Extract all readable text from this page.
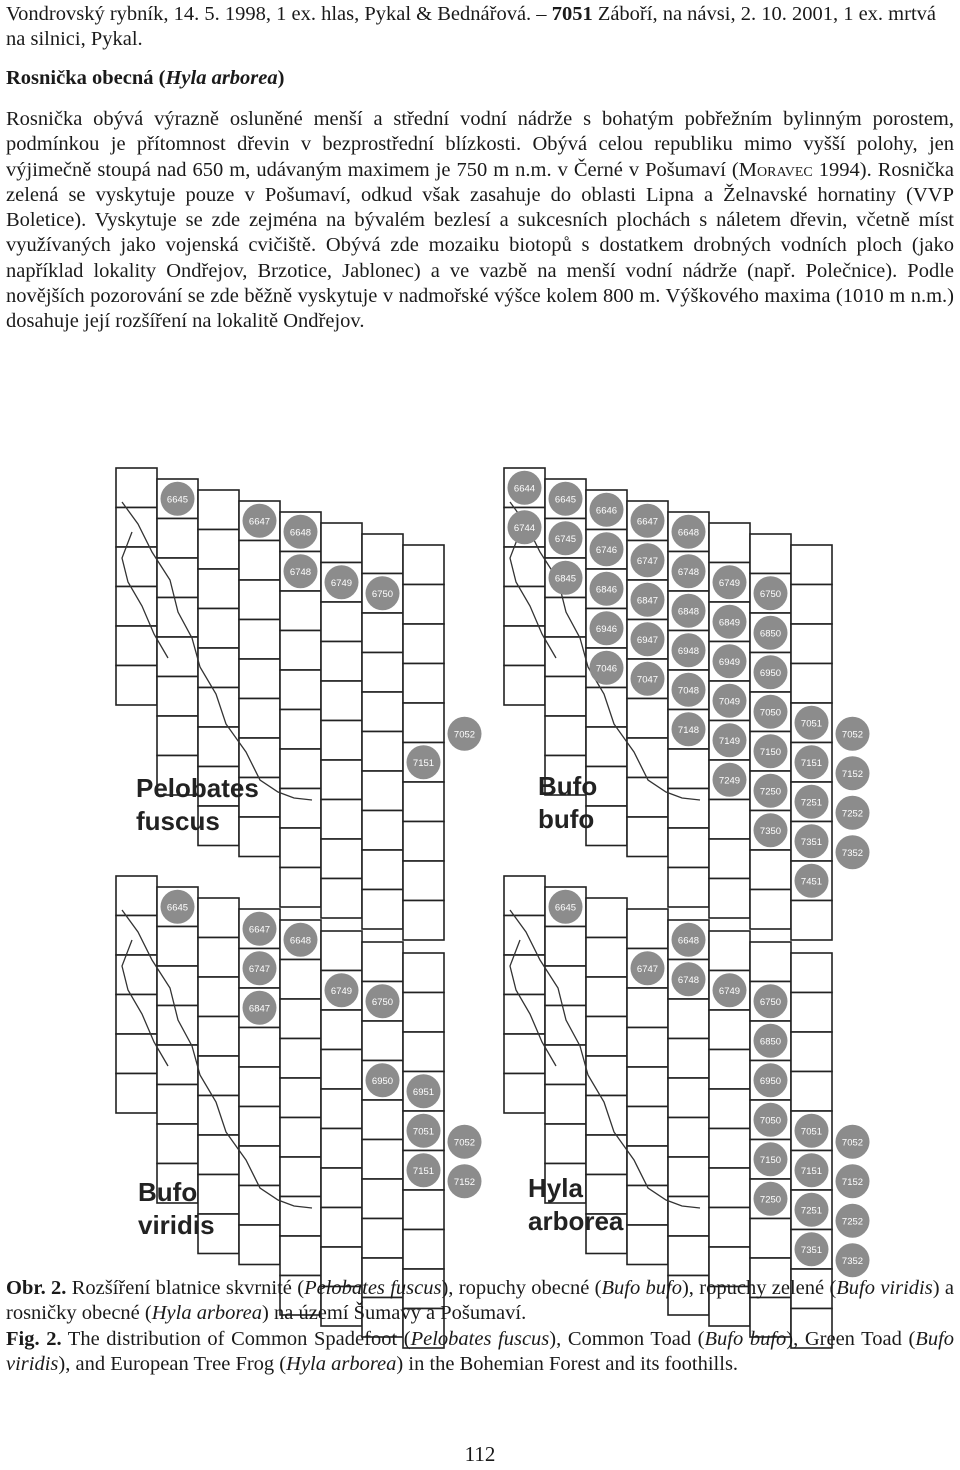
Vondrovský rybník, 14. 5. 1998, 1 ex. hlas, Pykal & Bednářová. – 7051 Záboří, na návsi, 2. 10. 2001, 1 ex. mrtvá na silnici, Pykal.
Rosnička obecná (Hyla arborea)
Rosnička obývá výrazně osluněné menší a střední vodní nádrže s bohatým pobřežním bylinným porostem, podmínkou je přítomnost dřevin v bezprostřední blízkosti. Obývá celou republiku mimo vyšší polohy, jen výjimečně stoupá nad 650 m, udávaným maximem je 750 m n.m. v Černé v Pošumaví (Moravec 1994). Rosnička zelená se vyskytuje pouze v Pošumaví, odkud však zasahuje do oblasti Lipna a Želnavské hornatiny (VVP Boletice). Vyskytuje se zde zejména na bývalém bezlesí a sukcesních plochách s náletem dřevin, včetně míst využívaných jako vojenská cvičiště. Obývá zde mozaiku biotopů s dostatkem drobných vodních ploch (jako například lokality Ondřejov, Brzotice, Jablonec) a ve vazbě na menší vodní nádrže (např. Polečnice). Podle novějších pozorování se zde běžně vyskytuje v nadmořské výšce kolem 800 m. Výškového maxima (1010 m n.m.) dosahuje její rozšíření na lokalitě Ondřejov.
6645
6647
6648
6748
6749
6750
7052
7151

Pelobates
fuscus

6644
6645
6646
6647
6648
6744
6745
6746
6747
6748
6749
6750
6845
6846
6847
6848
6849
6850
6946
6947
6948
6949
6950
7046
7047
7048
7049
7050
7051
7052
7148
7149
7150
7151
7152
7249
7250
7251
7252
7350
7351
7352
7451

Bufo
bufo

6645
6647
6648
6747
6749
6750
6847
6950
6951
7051
7052
7151
7152

Bufo
viridis

6645
6648
6747
6748
6749
6750
6850
6950
7050
7051
7052
7150
7151
7152
7250
7251
7252
7351
7352

Hyla
arborea

Obr. 2. Rozšíření blatnice skvrnité (Pelobates fuscus), ropuchy obecné (Bufo bufo), ropuchy zelené (Bufo viridis) a rosničky obecné (Hyla arborea) na území Šumavy a Pošumaví.

Fig. 2. The distribution of Common Spadefoot (Pelobates fuscus), Common Toad (Bufo bufo), Green Toad (Bufo viridis), and European Tree Frog (Hyla arborea) in the Bohemian Forest and its foothills.

112
